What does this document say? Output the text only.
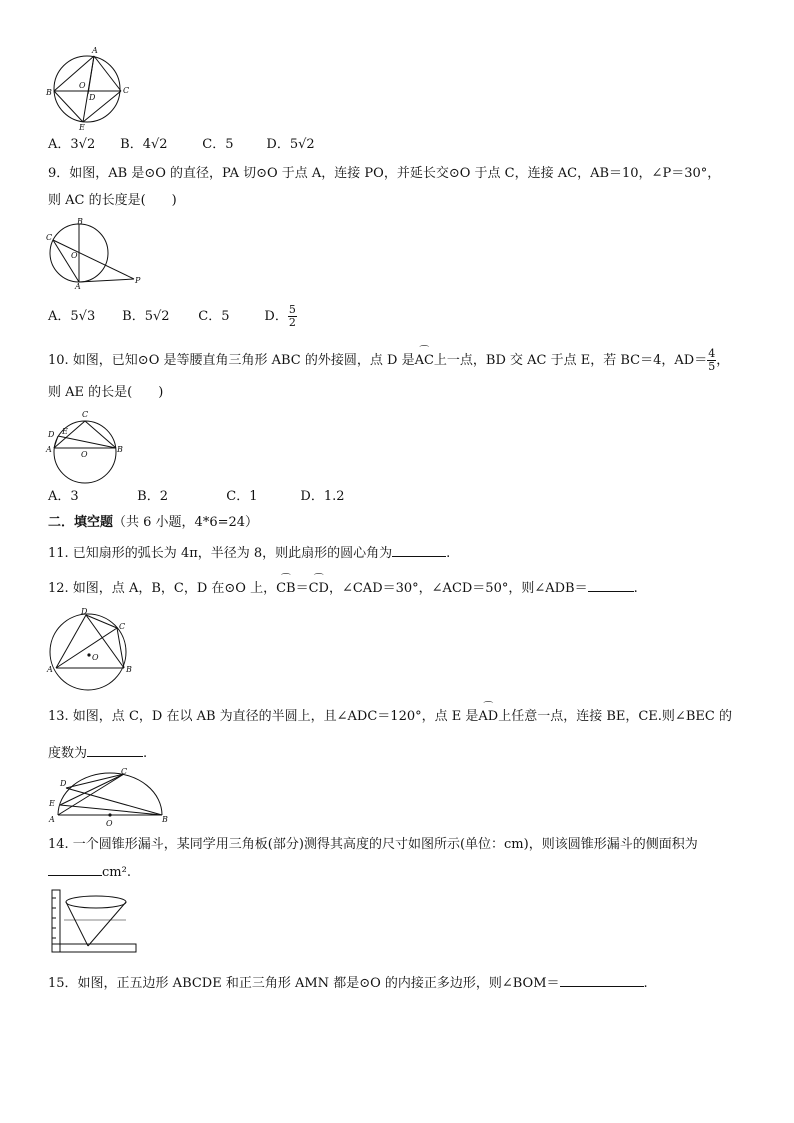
A
B	C
O
D
E
A．3√2 B．4√2	C．5	D．5√2
9．如图，AB 是⊙O 的直径，PA 切⊙O 于点 A，连接 PO，并延长交⊙O 于点 C，连接 AC，AB＝10，∠P＝30°，
则 AC 的长度是(　　)
B
C
O
A
P
A．5√3 B．5√2 C．5	D． $\frac{5}{2}$
10. 如图，已知⊙O 是等腰直角三角形 ABC 的外接圆，点 D 是⌒ AC上一点，BD 交 AC 于点 E，若 BC＝4，$AD= \frac{4}{5}$ ，
则 AE 的长是(　　)
C
D E
A
O
B
A．3	B．2	C．1	D．1.2
二．填空题（共 6 小题，4*6=24）
11. 已知扇形的弧长为 4π，半径为 8，则此扇形的圆心角为	.
12. 如图，点 A，B，C，D 在⊙O 上，⌒ CB＝⌒ CD，∠CAD＝30°，∠ACD＝50°，则∠ADB＝	.
D
C
O
A	B
13. 如图，点 C，D 在以 AB 为直径的半圆上，且∠ADC＝120°，点 E 是⌒ AD上任意一点，连接 BE，CE.则∠BEC 的
度数为	.
D
C
E
A	O	B
14. 一个圆锥形漏斗，某同学用三角板(部分)测得其高度的尺寸如图所示(单位：cm)，则该圆锥形漏斗的侧面积为
cm².
15．如图，正五边形 ABCDE 和正三角形 AMN 都是⊙O 的内接正多边形，则∠BOM＝	.
